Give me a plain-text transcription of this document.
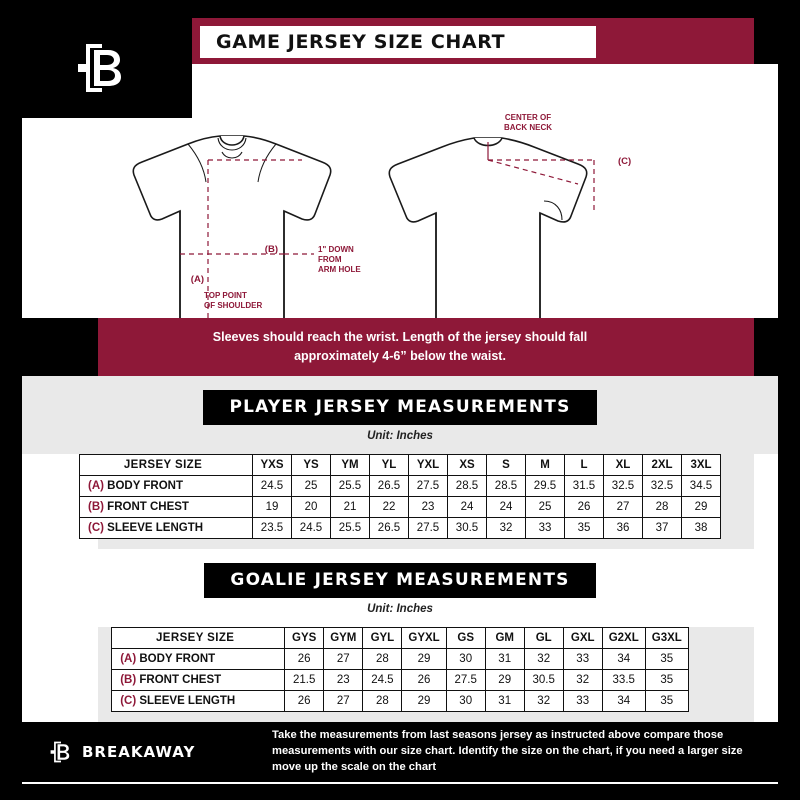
GAME JERSEY SIZE CHART
(A)
TOP POINT
OF SHOULDER
(B)	1" DOWN
FROM
ARM HOLE
CENTER OF
BACK NECK
(C)

Sleeves should reach the wrist. Length of the jersey should fall
approximately 4-6” below the waist.

PLAYER JERSEY MEASUREMENTS
Unit: Inches
JERSEY SIZE	YXS	YS	YM	YL	YXL	XS	S	M	L	XL	2XL	3XL
(A) BODY FRONT	24.5	25	25.5	26.5	27.5	28.5	28.5	29.5	31.5	32.5	32.5	34.5
(B) FRONT CHEST	19	20	21	22	23	24	24	25	26	27	28	29
(C) SLEEVE LENGTH	23.5	24.5	25.5	26.5	27.5	30.5	32	33	35	36	37	38
GOALIE JERSEY MEASUREMENTS
Unit: Inches
JERSEY SIZE	GYS	GYM	GYL	GYXL	GS	GM	GL	GXL	G2XL	G3XL
(A) BODY FRONT	26	27	28	29	30	31	32	33	34	35
(B) FRONT CHEST	21.5	23	24.5	26	27.5	29	30.5	32	33.5	35
(C) SLEEVE LENGTH	26	27	28	29	30	31	32	33	34	35
BREAKAWAY
Take the measurements from last seasons jersey as instructed above compare those measurements with our size chart. Identify the size on the chart, if you need a larger size move up the scale on the chart
